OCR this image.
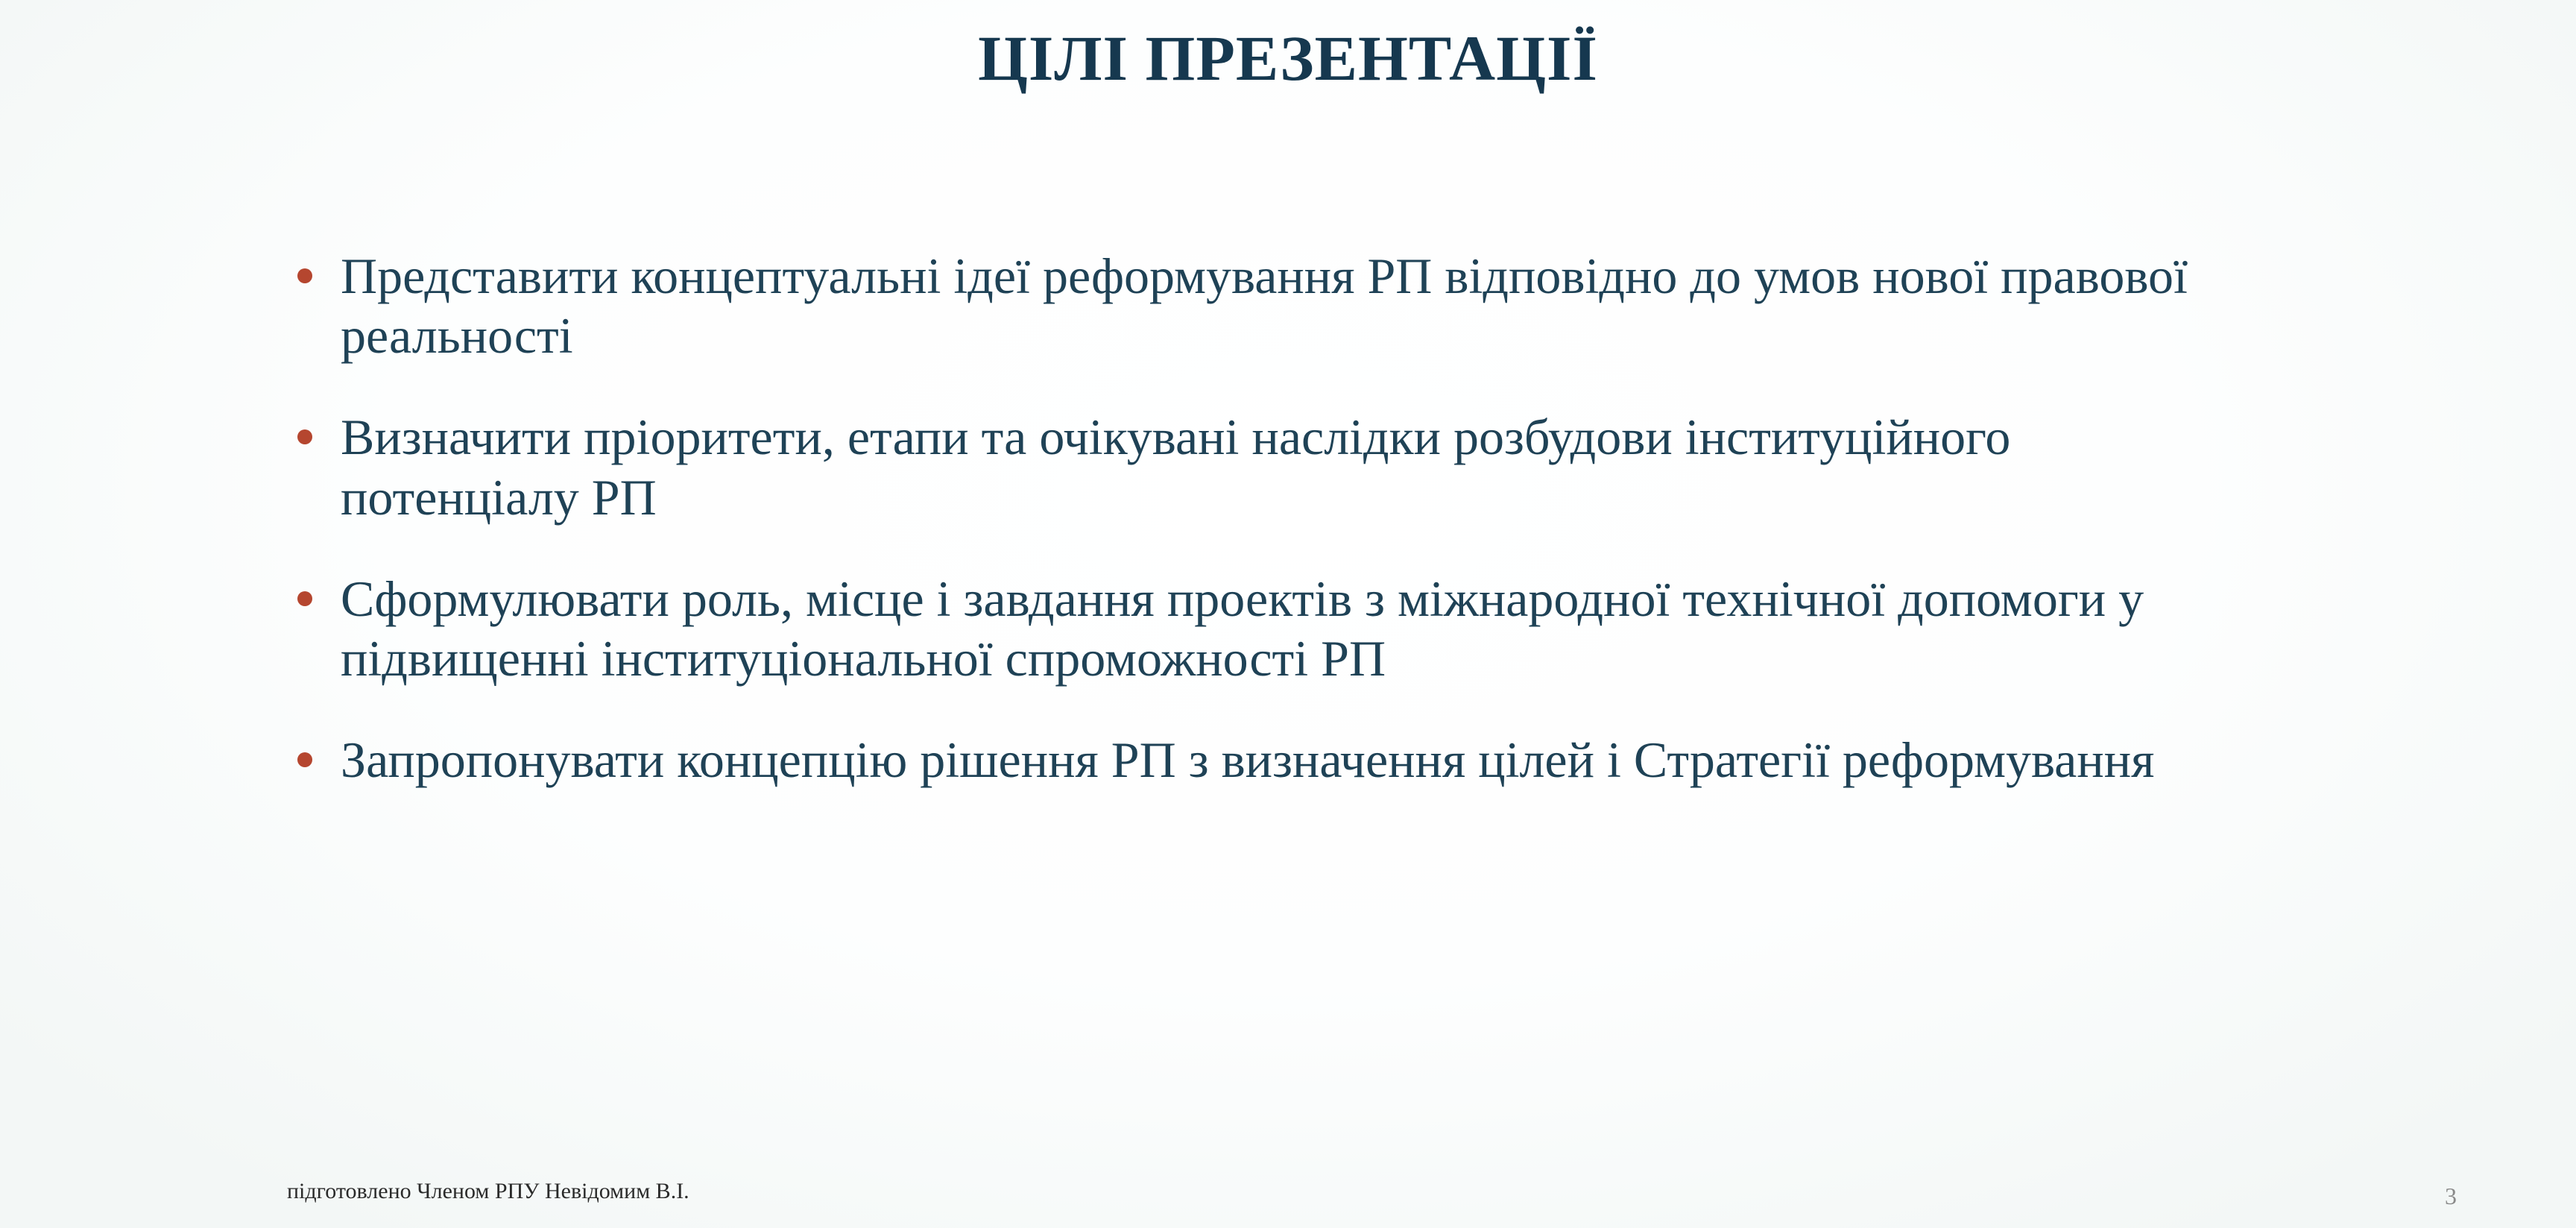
ЦІЛІ ПРЕЗЕНТАЦІЇ
Представити концептуальні ідеї реформування РП відповідно до умов нової правової реальності
Визначити пріоритети, етапи та очікувані наслідки розбудови інституційного потенціалу РП
Сформулювати роль, місце і завдання проектів з міжнародної технічної допомоги у підвищенні інституціональної спроможності РП
Запропонувати концепцію рішення РП з визначення цілей і Стратегії реформування
підготовлено Членом РПУ Невідомим В.І.	3
